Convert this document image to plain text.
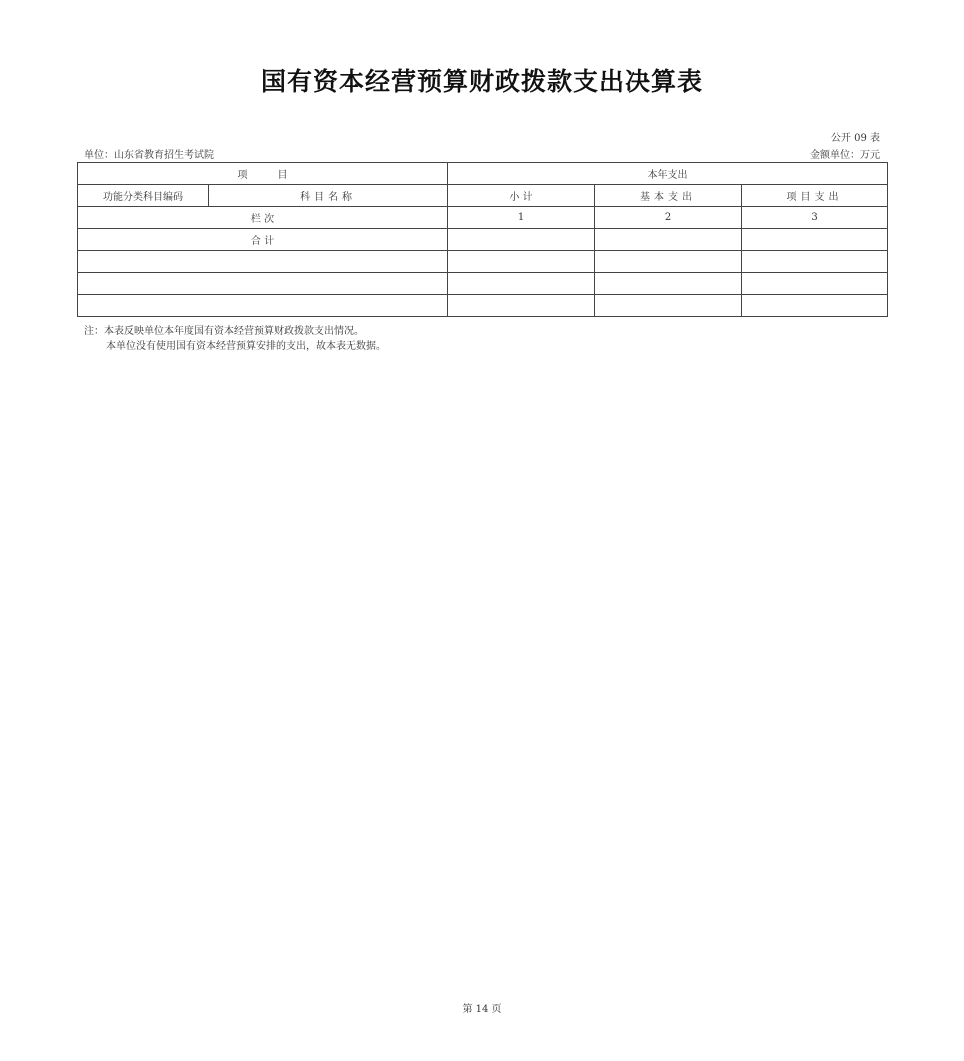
国有资本经营预算财政拨款支出决算表
公开 09 表
单位：山东省教育招生考试院	金额单位：万元
项　　　目		本年支出		
功能分类科目编码	科目名称	小 计	基本支出	项目支出
栏 次		1	2	3
合 计				

注：本表反映单位本年度国有资本经营预算财政拨款支出情况。
本单位没有使用国有资本经营预算安排的支出，故本表无数据。
第 14 页
